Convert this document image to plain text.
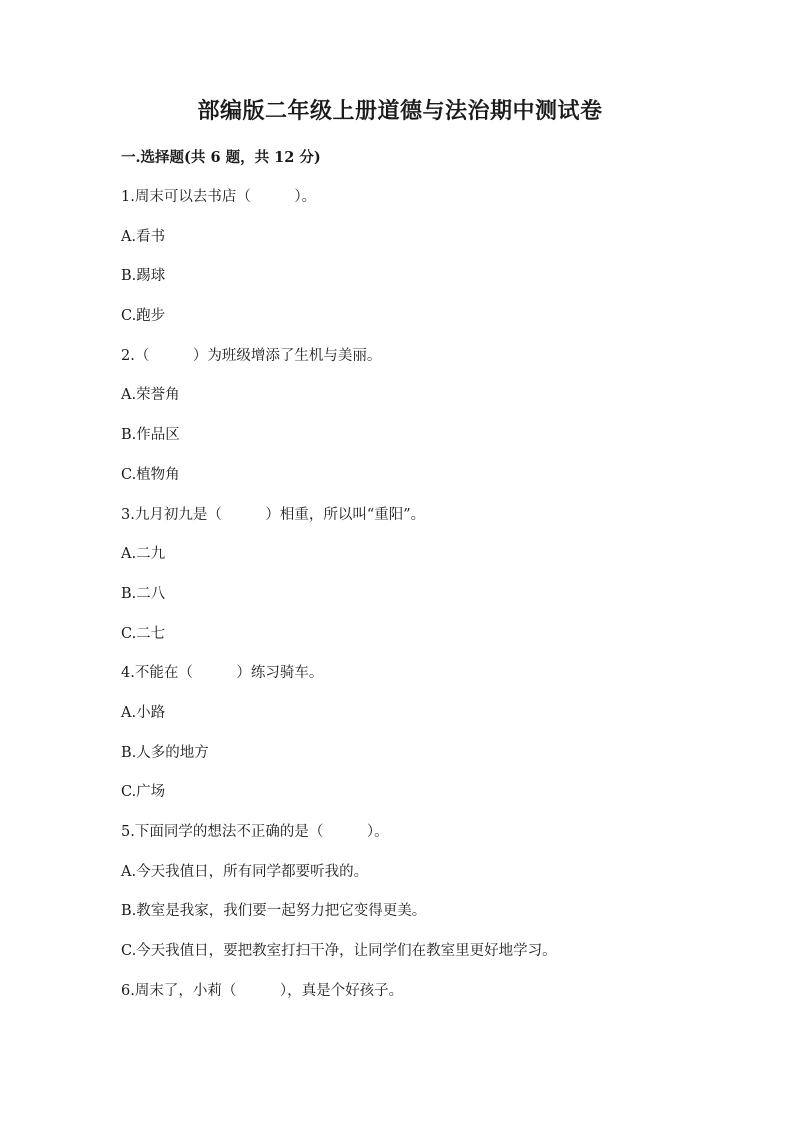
部编版二年级上册道德与法治期中测试卷
一.选择题(共 6 题，共 12 分)
1.周末可以去书店（　　　）。
A.看书
B.踢球
C.跑步
2.（　　　）为班级增添了生机与美丽。
A.荣誉角
B.作品区
C.植物角
3.九月初九是（　　　）相重，所以叫“重阳”。
A.二九
B.二八
C.二七
4.不能在（　　　）练习骑车。
A.小路
B.人多的地方
C.广场
5.下面同学的想法不正确的是（　　　）。
A.今天我值日，所有同学都要听我的。
B.教室是我家，我们要一起努力把它变得更美。
C.今天我值日，要把教室打扫干净，让同学们在教室里更好地学习。
6.周末了，小莉（　　　），真是个好孩子。
